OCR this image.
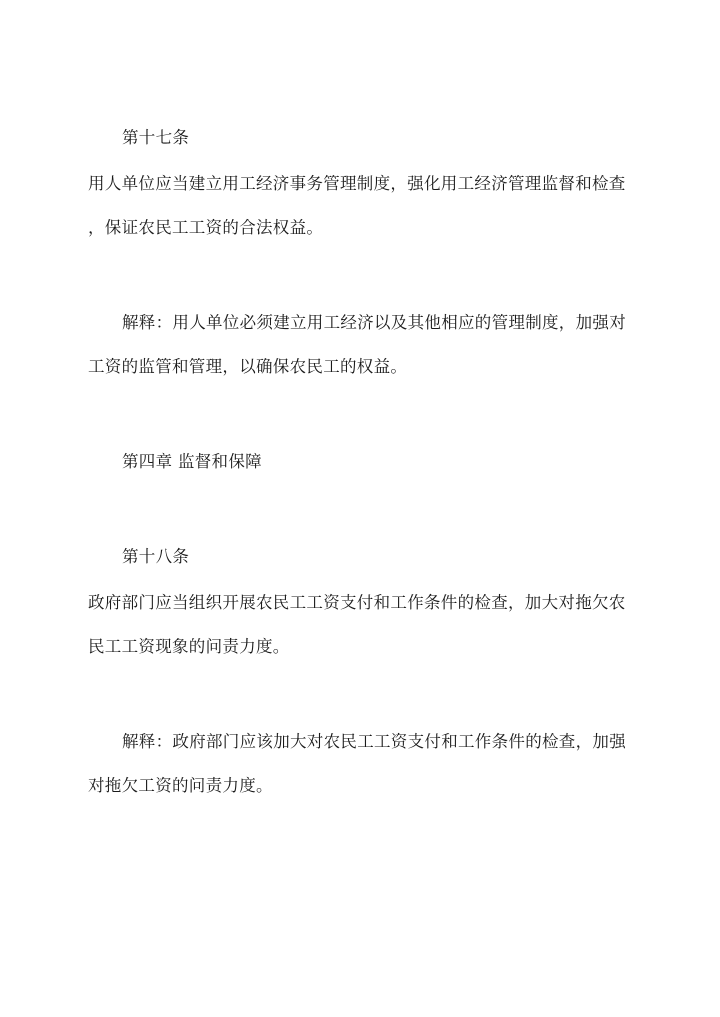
第十七条
用人单位应当建立用工经济事务管理制度，强化用工经济管理监督和检查
，保证农民工工资的合法权益。
解释：用人单位必须建立用工经济以及其他相应的管理制度，加强对
工资的监管和管理，以确保农民工的权益。
第四章 监督和保障
第十八条
政府部门应当组织开展农民工工资支付和工作条件的检查，加大对拖欠农
民工工资现象的问责力度。
解释：政府部门应该加大对农民工工资支付和工作条件的检查，加强
对拖欠工资的问责力度。
